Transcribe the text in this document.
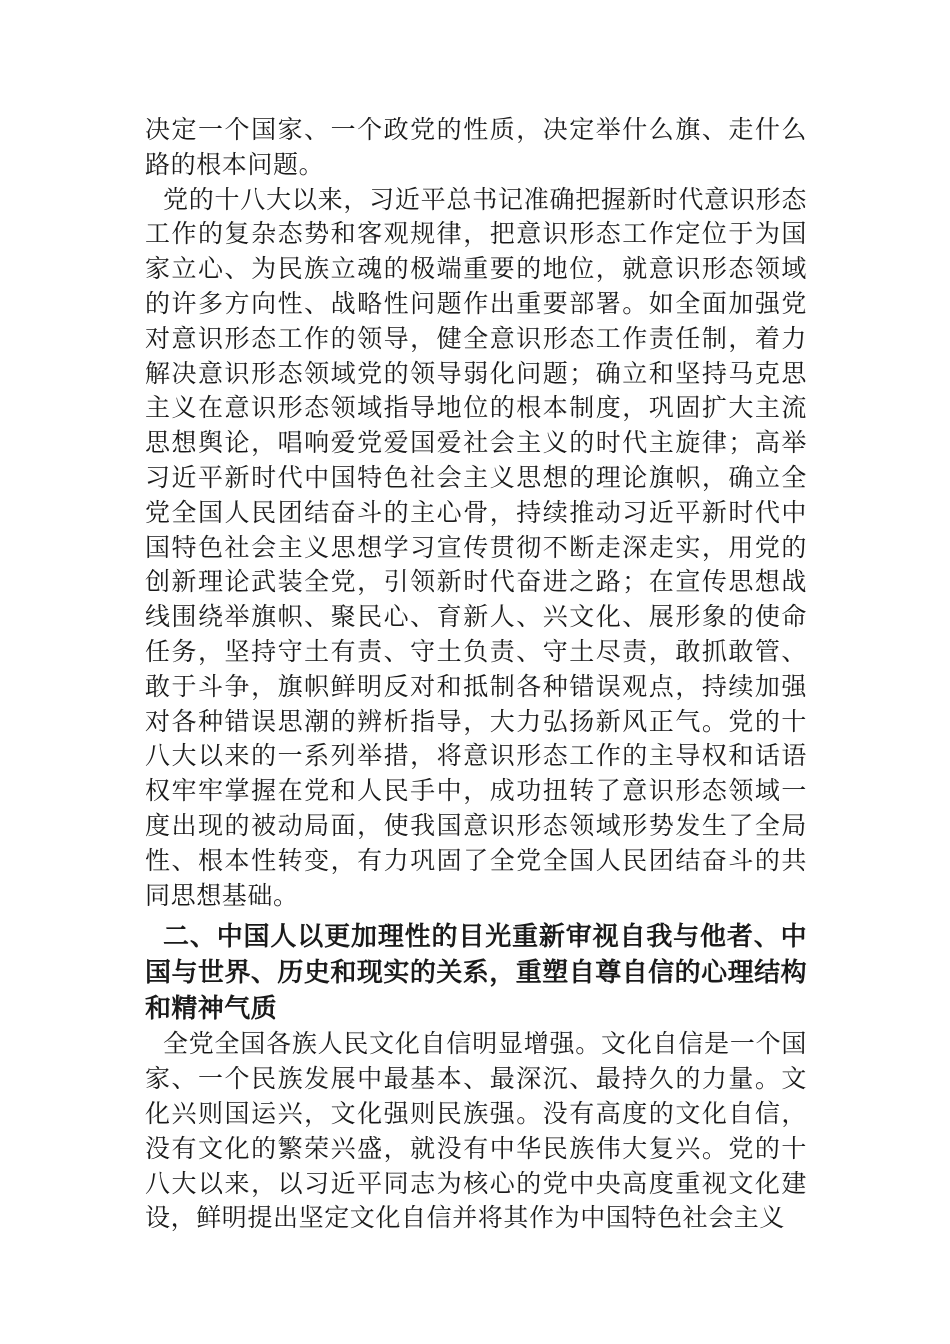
决定一个国家、一个政党的性质，决定举什么旗、走什么路的根本问题。

党的十八大以来，习近平总书记准确把握新时代意识形态工作的复杂态势和客观规律，把意识形态工作定位于为国家立心、为民族立魂的极端重要的地位，就意识形态领域的许多方向性、战略性问题作出重要部署。如全面加强党对意识形态工作的领导，健全意识形态工作责任制，着力解决意识形态领域党的领导弱化问题；确立和坚持马克思主义在意识形态领域指导地位的根本制度，巩固扩大主流思想舆论，唱响爱党爱国爱社会主义的时代主旋律；高举习近平新时代中国特色社会主义思想的理论旗帜，确立全党全国人民团结奋斗的主心骨，持续推动习近平新时代中国特色社会主义思想学习宣传贯彻不断走深走实，用党的创新理论武装全党，引领新时代奋进之路；在宣传思想战线围绕举旗帜、聚民心、育新人、兴文化、展形象的使命任务，坚持守土有责、守土负责、守土尽责，敢抓敢管、敢于斗争，旗帜鲜明反对和抵制各种错误观点，持续加强对各种错误思潮的辨析指导，大力弘扬新风正气。党的十八大以来的一系列举措，将意识形态工作的主导权和话语权牢牢掌握在党和人民手中，成功扭转了意识形态领域一度出现的被动局面，使我国意识形态领域形势发生了全局性、根本性转变，有力巩固了全党全国人民团结奋斗的共同思想基础。

二、中国人以更加理性的目光重新审视自我与他者、中国与世界、历史和现实的关系，重塑自尊自信的心理结构和精神气质

全党全国各族人民文化自信明显增强。文化自信是一个国家、一个民族发展中最基本、最深沉、最持久的力量。文化兴则国运兴，文化强则民族强。没有高度的文化自信，没有文化的繁荣兴盛，就没有中华民族伟大复兴。党的十八大以来，以习近平同志为核心的党中央高度重视文化建设，鲜明提出坚定文化自信并将其作为中国特色社会主义
